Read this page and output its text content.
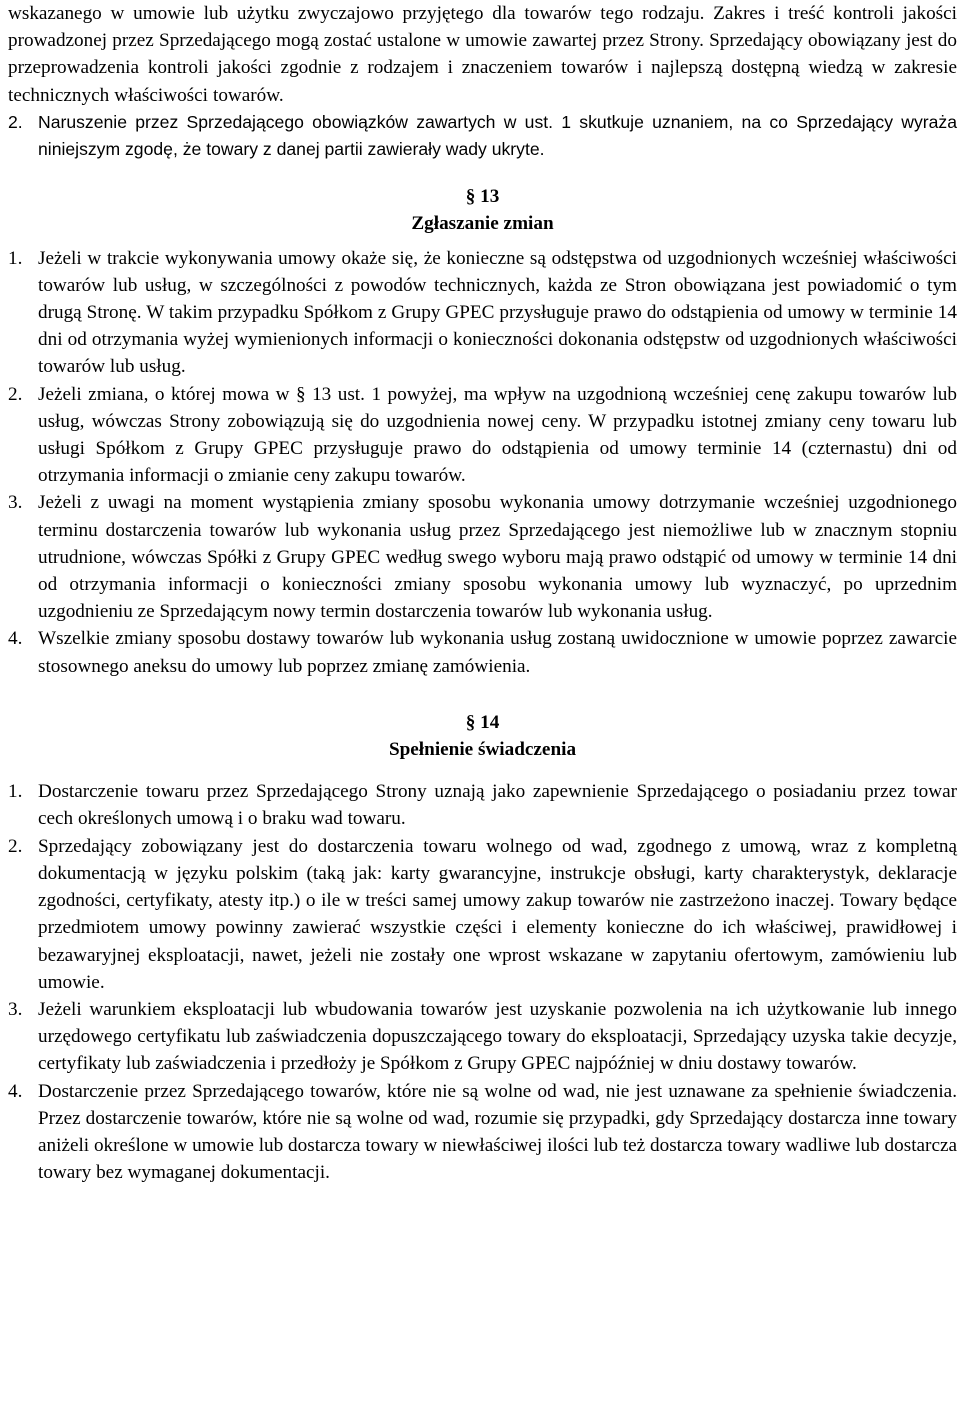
wskazanego w umowie lub użytku zwyczajowo przyjętego dla towarów tego rodzaju. Zakres i treść kontroli jakości prowadzonej przez Sprzedającego mogą zostać ustalone w umowie zawartej przez Strony. Sprzedający obowiązany jest do przeprowadzenia kontroli jakości zgodnie z rodzajem i znaczeniem towarów i najlepszą dostępną wiedzą w zakresie technicznych właściwości towarów.

2. Naruszenie przez Sprzedającego obowiązków zawartych w ust. 1 skutkuje uznaniem, na co Sprzedający wyraża niniejszym zgodę, że towary z danej partii zawierały wady ukryte.

§ 13

Zgłaszanie zmian

1. Jeżeli w trakcie wykonywania umowy okaże się, że konieczne są odstępstwa od uzgodnionych wcześniej właściwości towarów lub usług, w szczególności z powodów technicznych, każda ze Stron obowiązana jest powiadomić o tym drugą Stronę. W takim przypadku Spółkom z Grupy GPEC przysługuje prawo do odstąpienia od umowy w terminie 14 dni od otrzymania wyżej wymienionych informacji o konieczności dokonania odstępstw od uzgodnionych właściwości towarów lub usług.
2. Jeżeli zmiana, o której mowa w § 13 ust. 1 powyżej, ma wpływ na uzgodnioną wcześniej cenę zakupu towarów lub usług, wówczas Strony zobowiązują się do uzgodnienia nowej ceny. W przypadku istotnej zmiany ceny towaru lub usługi Spółkom z Grupy GPEC przysługuje prawo do odstąpienia od umowy terminie 14 (czternastu) dni od otrzymania informacji o zmianie ceny zakupu towarów.
3. Jeżeli z uwagi na moment wystąpienia zmiany sposobu wykonania umowy dotrzymanie wcześniej uzgodnionego terminu dostarczenia towarów lub wykonania usług przez Sprzedającego jest niemożliwe lub w znacznym stopniu utrudnione, wówczas Spółki z Grupy GPEC według swego wyboru mają prawo odstąpić od umowy w terminie 14 dni od otrzymania informacji o konieczności zmiany sposobu wykonania umowy lub wyznaczyć, po uprzednim uzgodnieniu ze Sprzedającym nowy termin dostarczenia towarów lub wykonania usług.
4. Wszelkie zmiany sposobu dostawy towarów lub wykonania usług zostaną uwidocznione w umowie poprzez zawarcie stosownego aneksu do umowy lub poprzez zmianę zamówienia.

§ 14

Spełnienie świadczenia

1. Dostarczenie towaru przez Sprzedającego Strony uznają jako zapewnienie Sprzedającego o posiadaniu przez towar cech określonych umową i o braku wad towaru.
2. Sprzedający zobowiązany jest do dostarczenia towaru wolnego od wad, zgodnego z umową, wraz z kompletną dokumentacją w języku polskim (taką jak: karty gwarancyjne, instrukcje obsługi, karty charakterystyk, deklaracje zgodności, certyfikaty, atesty itp.) o ile w treści samej umowy zakup towarów nie zastrzeżono inaczej. Towary będące przedmiotem umowy powinny zawierać wszystkie części i elementy konieczne do ich właściwej, prawidłowej i bezawaryjnej eksploatacji, nawet, jeżeli nie zostały one wprost wskazane w zapytaniu ofertowym, zamówieniu lub umowie.
3. Jeżeli warunkiem eksploatacji lub wbudowania towarów jest uzyskanie pozwolenia na ich użytkowanie lub innego urzędowego certyfikatu lub zaświadczenia dopuszczającego towary do eksploatacji, Sprzedający uzyska takie decyzje, certyfikaty lub zaświadczenia i przedłoży je Spółkom z Grupy GPEC najpóźniej w dniu dostawy towarów.
4. Dostarczenie przez Sprzedającego towarów, które nie są wolne od wad, nie jest uznawane za spełnienie świadczenia. Przez dostarczenie towarów, które nie są wolne od wad, rozumie się przypadki, gdy Sprzedający dostarcza inne towary aniżeli określone w umowie lub dostarcza towary w niewłaściwej ilości lub też dostarcza towary wadliwe lub dostarcza towary bez wymaganej dokumentacji.
